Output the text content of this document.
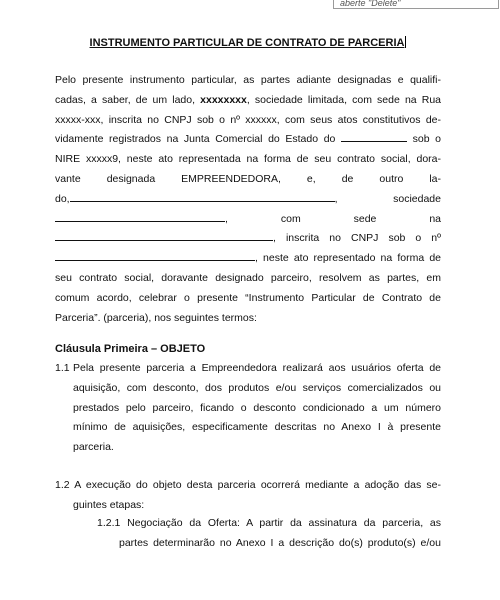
aberte "Delete"
INSTRUMENTO PARTICULAR DE CONTRATO DE PARCERIA
Pelo presente instrumento particular, as partes adiante designadas e qualifi-
cadas, a saber, de um lado, xxxxxxxx, sociedade limitada, com sede na Rua
xxxxx-xxx, inscrita no CNPJ sob o nº xxxxxx, com seus atos constitutivos de-
vidamente registrados na Junta Comercial do Estado do	sob o
NIRE xxxxx9, neste ato representada na forma de seu contrato social, dora-
vante designada EMPREENDEDORA, e, de outro la-
do,	, sociedade
, com sede na
, inscrita no CNPJ sob o nº
, neste ato representado na forma de
seu contrato social, doravante designado parceiro, resolvem as partes, em
comum acordo, celebrar o presente “Instrumento Particular de Contrato de
Parceria”. (parceria), nos seguintes termos:
Cláusula Primeira – OBJETO
1.1 Pela presente parceria a Empreendedora realizará aos usuários oferta de
aquisição, com desconto, dos produtos e/ou serviços comercializados ou
prestados pelo parceiro, ficando o desconto condicionado a um número
mínimo de aquisições, especificamente descritas no Anexo I à presente
parceria.
1.2 A execução do objeto desta parceria ocorrerá mediante a adoção das se-
guintes etapas:
1.2.1 Negociação da Oferta: A partir da assinatura da parceria, as
partes determinarão no Anexo I a descrição do(s) produto(s) e/ou
